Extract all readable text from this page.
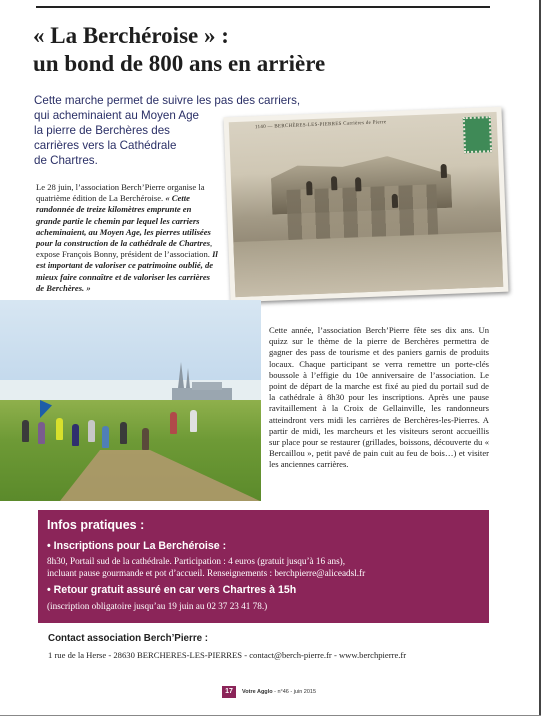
« La Berchéroise » :
un bond de 800 ans en arrière
Cette marche permet de suivre les pas des carriers,
qui acheminaient au Moyen Age
la pierre de Berchères des
carrières vers la Cathédrale
de Chartres.
Le 28 juin, l’association Berch’Pierre organise la quatrième édition de La Berchéroise. « Cette randonnée de treize kilomètres emprunte en grande partie le chemin par lequel les carriers acheminaient, au Moyen Age, les pierres utilisées pour la construction de la cathédrale de Chartres, expose François Bonny, président de l’association. Il est important de valoriser ce patrimoine oublié, de mieux faire connaître et de valoriser les carrières de Berchères. »
1140 — BERCHÈRES-LES-PIERRES Carrières de Pierre
Cette année, l’association Berch’Pierre fête ses dix ans. Un quizz sur le thème de la pierre de Berchères permettra de gagner des pass de tourisme et des paniers garnis de produits locaux. Chaque participant se verra remettre un porte-clés boussole à l’effigie du 10e anniversaire de l’association. Le point de départ de la marche est fixé au pied du portail sud de la cathédrale à 8h30 pour les inscriptions. Après une pause ravitaillement à la Croix de Gellainville, les randonneurs atteindront vers midi les carrières de Berchères-les-Pierres. A partir de midi, les marcheurs et les visiteurs seront accueillis sur place pour se restaurer (grillades, boissons, découverte du « Bercaillou », petit pavé de pain cuit au feu de bois…) et visiter les anciennes carrières.
Infos pratiques :
• Inscriptions pour La Berchéroise :
8h30, Portail sud de la cathédrale. Participation : 4 euros (gratuit jusqu’à 16 ans),
incluant pause gourmande et pot d’accueil. Renseignements : berchpierre@aliceadsl.fr
• Retour gratuit assuré en car vers Chartres à 15h
(inscription obligatoire jusqu’au 19 juin au 02 37 23 41 78.)
Contact association Berch’Pierre :
1 rue de la Herse - 28630 BERCHERES-LES-PIERRES - contact@berch-pierre.fr - www.berchpierre.fr
17	Votre Agglo - n°46 - juin 2015
